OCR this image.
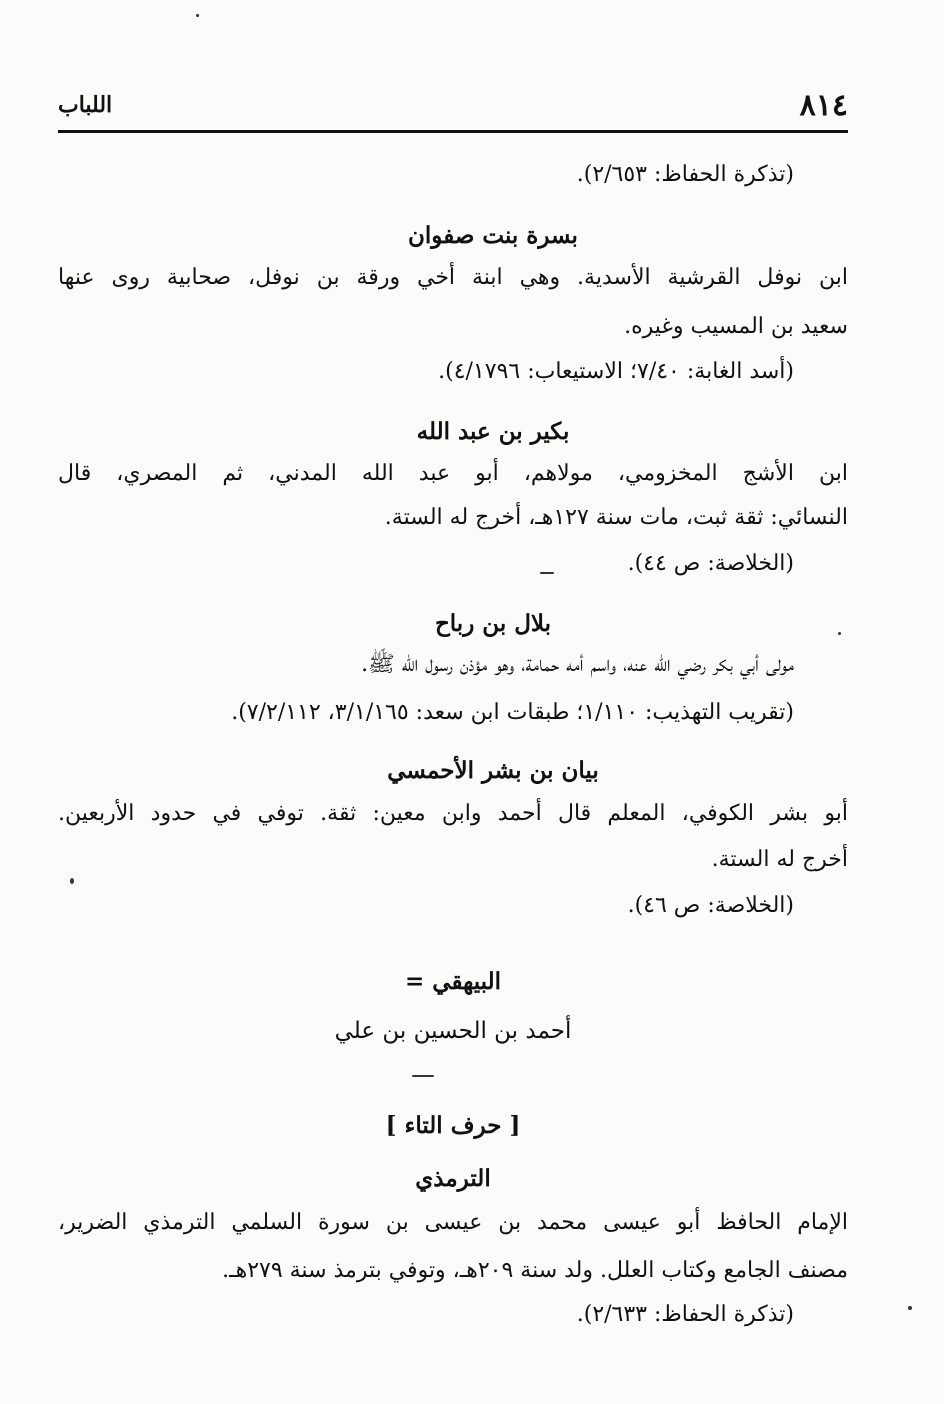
٨١٤
اللباب
(تذكرة الحفاظ: ٢/٦٥٣).
بسرة بنت صفوان
ابن نوفل القرشية الأسدية. وهي ابنة أخي ورقة بن نوفل، صحابية روى عنها
سعيد بن المسيب وغيره.
(أسد الغابة: ٧/٤٠؛ الاستيعاب: ٤/١٧٩٦).
بكير بن عبد الله
ابن الأشج المخزومي، مولاهم، أبو عبد الله المدني، ثم المصري، قال
النسائي: ثقة ثبت، مات سنة ١٢٧هـ، أخرج له الستة.
(الخلاصة: ص ٤٤).
بلال بن رباح
مولى أبي بكر رضي الله عنه، واسم أمه حمامة، وهو مؤذن رسول الله ﷺ.
(تقريب التهذيب: ١/١١٠؛ طبقات ابن سعد: ٣/١/١٦٥، ٧/٢/١١٢).
بيان بن بشر الأحمسي
أبو بشر الكوفي، المعلم قال أحمد وابن معين: ثقة. توفي في حدود الأربعين.
أخرج له الستة.
(الخلاصة: ص ٤٦).
البيهقي =
أحمد بن الحسين بن علي
[ حرف التاء ]
الترمذي
الإمام الحافظ أبو عيسى محمد بن عيسى بن سورة السلمي الترمذي الضرير،
مصنف الجامع وكتاب العلل. ولد سنة ٢٠٩هـ، وتوفي بترمذ سنة ٢٧٩هـ.
(تذكرة الحفاظ: ٢/٦٣٣).
